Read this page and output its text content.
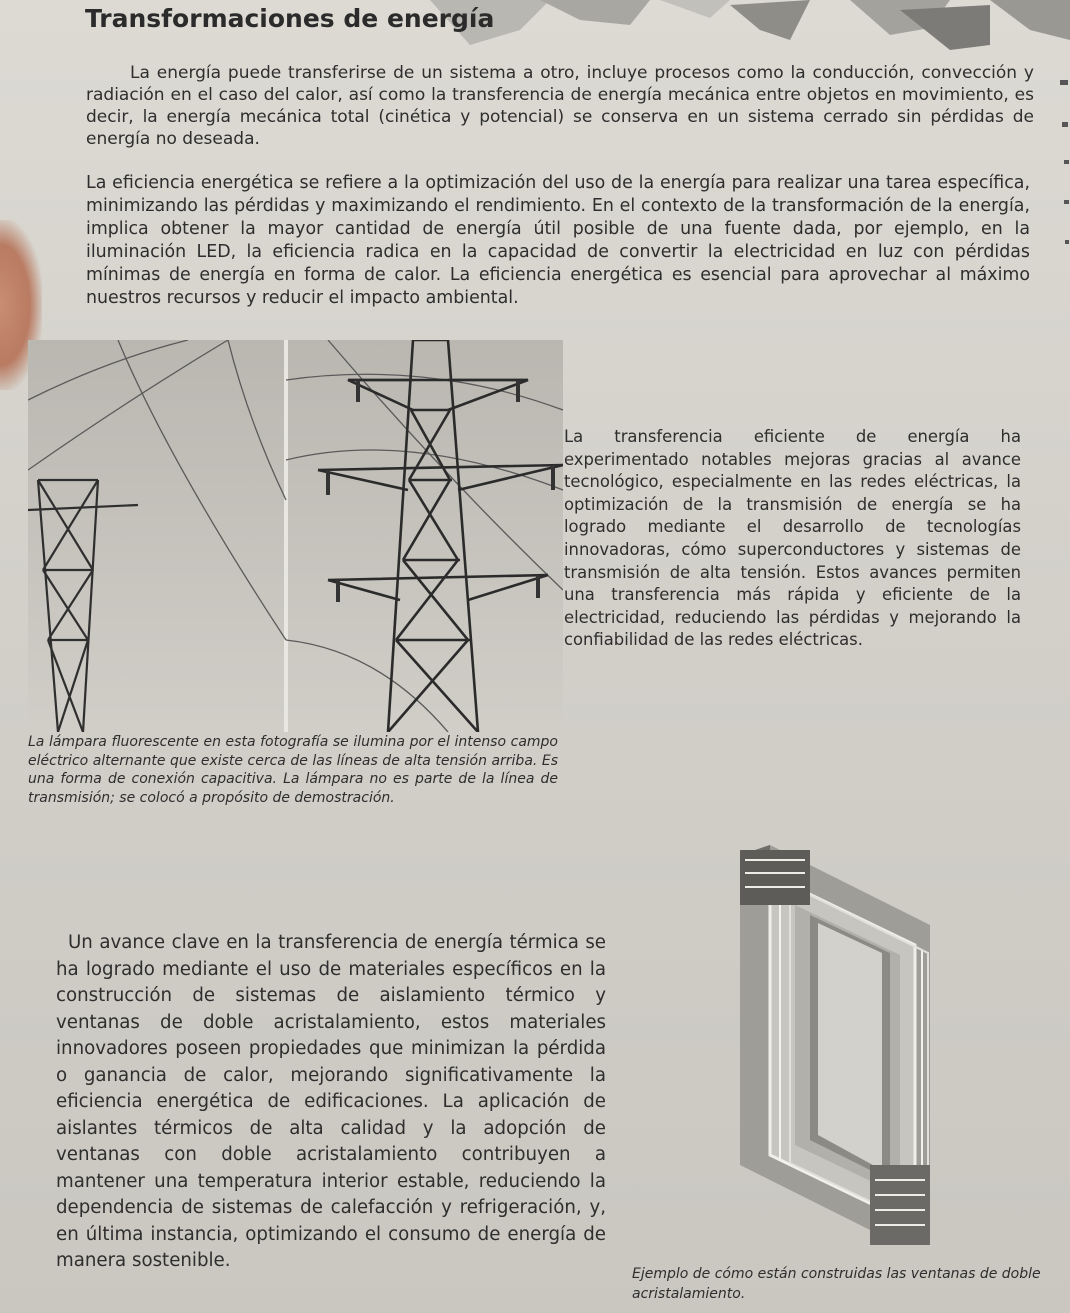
Transformaciones de energía

La energía puede transferirse de un sistema a otro, incluye procesos como la conducción, convección y radiación en el caso del calor, así como la transferencia de energía mecánica entre objetos en movimiento, es decir, la energía mecánica total (cinética y potencial) se conserva en un sistema cerrado sin pérdidas de energía no deseada.

La eficiencia energética se refiere a la optimización del uso de la energía para realizar una tarea específica, minimizando las pérdidas y maximizando el rendimiento. En el contexto de la transformación de la energía, implica obtener la mayor cantidad de energía útil posible de una fuente dada, por ejemplo, en la iluminación LED, la eficiencia radica en la capacidad de convertir la electricidad en luz con pérdidas mínimas de energía en forma de calor. La eficiencia energética es esencial para aprovechar al máximo nuestros recursos y reducir el impacto ambiental.

La transferencia eficiente de energía ha experimentado notables mejoras gracias al avance tecnológico, especialmente en las redes eléctricas, la optimización de la transmisión de energía se ha logrado mediante el desarrollo de tecnologías innovadoras, cómo superconductores y sistemas de transmisión de alta tensión. Estos avances permiten una transferencia más rápida y eficiente de la electricidad, reduciendo las pérdidas y mejorando la confiabilidad de las redes eléctricas.

La lámpara fluorescente en esta fotografía se ilumina por el intenso campo eléctrico alternante que existe cerca de las líneas de alta tensión arriba. Es una forma de conexión capacitiva. La lámpara no es parte de la línea de transmisión; se colocó a propósito de demostración.

Un avance clave en la transferencia de energía térmica se ha logrado mediante el uso de materiales específicos en la construcción de sistemas de aislamiento térmico y ventanas de doble acristalamiento, estos materiales innovadores poseen propiedades que minimizan la pérdida o ganancia de calor, mejorando significativamente la eficiencia energética de edificaciones. La aplicación de aislantes térmicos de alta calidad y la adopción de ventanas con doble acristalamiento contribuyen a mantener una temperatura interior estable, reduciendo la dependencia de sistemas de calefacción y refrigeración, y, en última instancia, optimizando el consumo de energía de manera sostenible.

Ejemplo de cómo están construidas las ventanas de doble acristalamiento.
